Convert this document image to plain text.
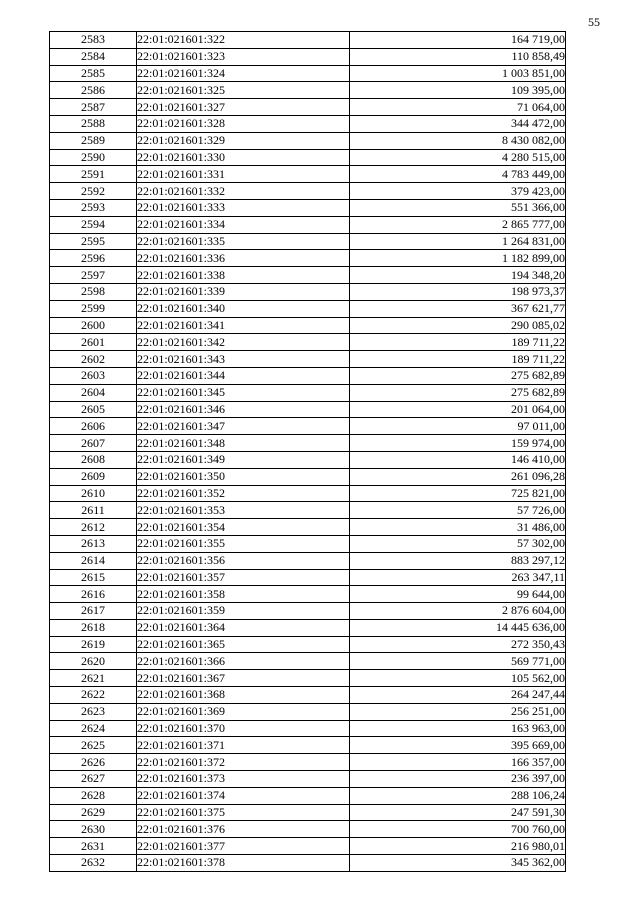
55
2583	22:01:021601:322	164 719,00
2584	22:01:021601:323	110 858,49
2585	22:01:021601:324	1 003 851,00
2586	22:01:021601:325	109 395,00
2587	22:01:021601:327	71 064,00
2588	22:01:021601:328	344 472,00
2589	22:01:021601:329	8 430 082,00
2590	22:01:021601:330	4 280 515,00
2591	22:01:021601:331	4 783 449,00
2592	22:01:021601:332	379 423,00
2593	22:01:021601:333	551 366,00
2594	22:01:021601:334	2 865 777,00
2595	22:01:021601:335	1 264 831,00
2596	22:01:021601:336	1 182 899,00
2597	22:01:021601:338	194 348,20
2598	22:01:021601:339	198 973,37
2599	22:01:021601:340	367 621,77
2600	22:01:021601:341	290 085,02
2601	22:01:021601:342	189 711,22
2602	22:01:021601:343	189 711,22
2603	22:01:021601:344	275 682,89
2604	22:01:021601:345	275 682,89
2605	22:01:021601:346	201 064,00
2606	22:01:021601:347	97 011,00
2607	22:01:021601:348	159 974,00
2608	22:01:021601:349	146 410,00
2609	22:01:021601:350	261 096,28
2610	22:01:021601:352	725 821,00
2611	22:01:021601:353	57 726,00
2612	22:01:021601:354	31 486,00
2613	22:01:021601:355	57 302,00
2614	22:01:021601:356	883 297,12
2615	22:01:021601:357	263 347,11
2616	22:01:021601:358	99 644,00
2617	22:01:021601:359	2 876 604,00
2618	22:01:021601:364	14 445 636,00
2619	22:01:021601:365	272 350,43
2620	22:01:021601:366	569 771,00
2621	22:01:021601:367	105 562,00
2622	22:01:021601:368	264 247,44
2623	22:01:021601:369	256 251,00
2624	22:01:021601:370	163 963,00
2625	22:01:021601:371	395 669,00
2626	22:01:021601:372	166 357,00
2627	22:01:021601:373	236 397,00
2628	22:01:021601:374	288 106,24
2629	22:01:021601:375	247 591,30
2630	22:01:021601:376	700 760,00
2631	22:01:021601:377	216 980,01
2632	22:01:021601:378	345 362,00
